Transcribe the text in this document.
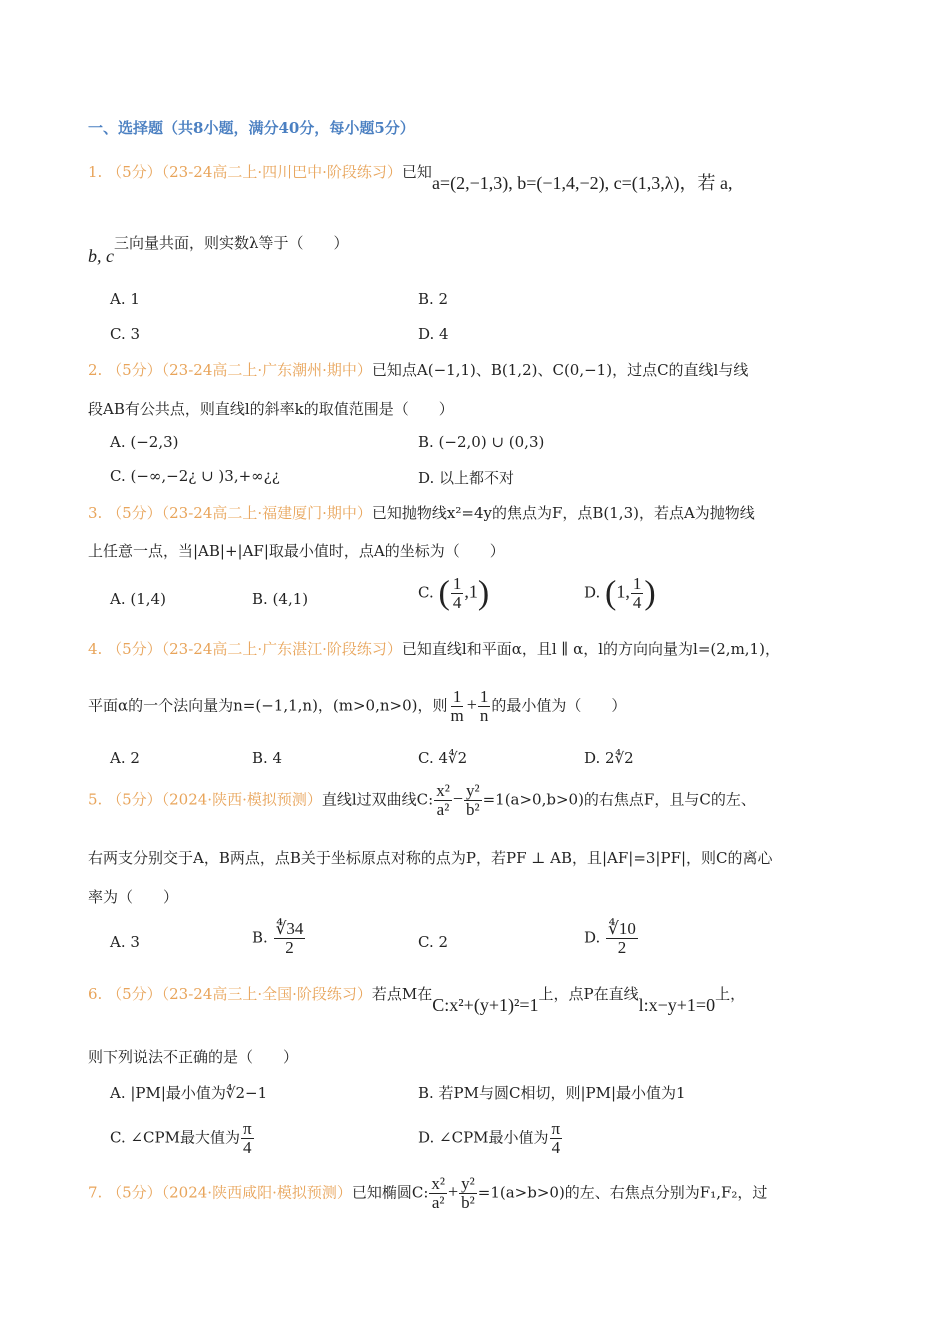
一、选择题（共8小题，满分40分，每小题5分）
1. （5分）（23-24高二上·四川巴中·阶段练习）已知a=(2,−1,3), b=(−1,4,−2), c=(1,3,λ)，若 a,
b, c三向量共面，则实数λ等于（　　）
A. 1	B. 2
C. 3	D. 4
2. （5分）（23-24高二上·广东潮州·期中）已知点A(−1,1)、B(1,2)、C(0,−1)，过点C的直线l与线
段AB有公共点，则直线l的斜率k的取值范围是（　　）
A. (−2,3)	B. (−2,0) ∪ (0,3)
C. (−∞,−2¿ ∪ )3,+∞¿¿	D. 以上都不对
3. （5分）（23-24高二上·福建厦门·期中）已知抛物线x²=4y的焦点为F，点B(1,3)，若点A为抛物线
上任意一点，当|AB|+|AF|取最小值时，点A的坐标为（　　）
A. (1,4)	B. (4,1)	C. ( $\frac{1}{4} ,1$)	D. (1, $\frac{1}{4}$ )
4. （5分）（23-24高二上·广东湛江·阶段练习）已知直线l和平面α，且l ∥ α，l的方向向量为l=(2,m,1)，
平面α的一个法向量为n=(−1,1,n)，(m>0,n>0)，则 $\frac{1}{m} + \frac{1}{n}$ 的最小值为（　　）
A. 2	B. 4	C. 4∜2	D. 2∜2
5. （5分）（2024·陕西·模拟预测）直线l过双曲线C: $\frac{\text{x²}}{\text{a²}} - \frac{\text{y²}}{\text{b²}} =1(a>0,b>0)$的右焦点F，且与C的左、
右两支分别交于A，B两点，点B关于坐标原点对称的点为P，若PF ⊥ AB，且|AF|=3|PF|，则C的离心
率为（　　）
A. 3	B. $\frac{∜34}{2}$	C. 2	D. $\frac{∜10}{2}$
6. （5分）（23-24高三上·全国·阶段练习）若点M在C:x²+(y+1)²=1上，点P在直线l:x−y+1=0上，
则下列说法不正确的是（　　）
A. |PM|最小值为∜2−1	B. 若PM与圆C相切，则|PM|最小值为1
C. ∠CPM最大值为 $\frac{\pi}{4}$	D. ∠CPM最小值为 $\frac{\pi}{4}$
7. （5分）（2024·陕西咸阳·模拟预测）已知椭圆C: $\frac{\text{x²}}{\text{a²}} + \frac{\text{y²}}{\text{b²}} =1(a>b>0)$的左、右焦点分别为F₁,F₂，过
